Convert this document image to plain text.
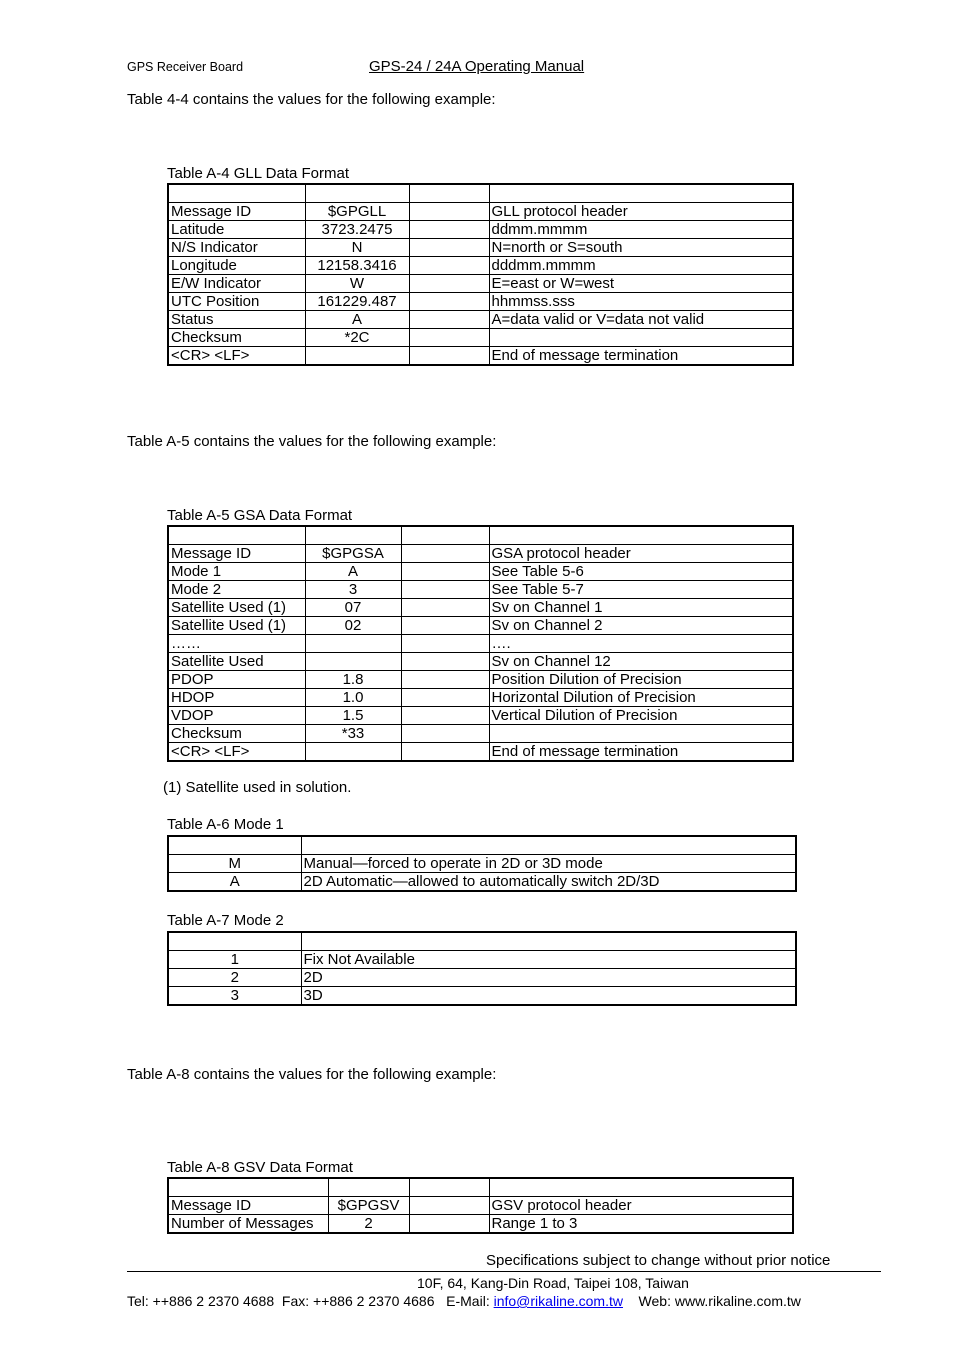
GPS Receiver Board	GPS-24 / 24A Operating Manual
Table 4-4 contains the values for the following example:
Table A-4 GLL Data Format

Message ID	$GPGLL		GLL protocol header
Latitude	3723.2475		ddmm.mmmm
N/S Indicator	N		N=north or S=south
Longitude	12158.3416		dddmm.mmmm
E/W Indicator	W		E=east or W=west
UTC Position	161229.487		hhmmss.sss
Status	A		A=data valid or V=data not valid
Checksum	*2C		
<CR> <LF>			End of message termination
Table A-5 contains the values for the following example:
Table A-5 GSA Data Format

Message ID	$GPGSA		GSA protocol header
Mode 1	A		See Table 5-6
Mode 2	3		See Table 5-7
Satellite Used (1)	07		Sv on Channel 1
Satellite Used (1)	02		Sv on Channel 2
……			….
Satellite Used			Sv on Channel 12
PDOP	1.8		Position Dilution of Precision
HDOP	1.0		Horizontal Dilution of Precision
VDOP	1.5		Vertical Dilution of Precision
Checksum	*33		
<CR> <LF>			End of message termination
(1) Satellite used in solution.
Table A-6 Mode 1

M	Manual—forced to operate in 2D or 3D mode
A	2D Automatic—allowed to automatically switch 2D/3D
Table A-7 Mode 2

1	Fix Not Available
2	2D
3	3D
Table A-8 contains the values for the following example:
Table A-8 GSV Data Format

Message ID	$GPGSV		GSV protocol header
Number of Messages	2		Range 1 to 3
Specifications subject to change without prior notice
10F, 64, Kang-Din Road, Taipei 108, Taiwan
Tel: ++886 2 2370 4688  Fax: ++886 2 2370 4686   E-Mail: info@rikaline.com.tw    Web: www.rikaline.com.tw
